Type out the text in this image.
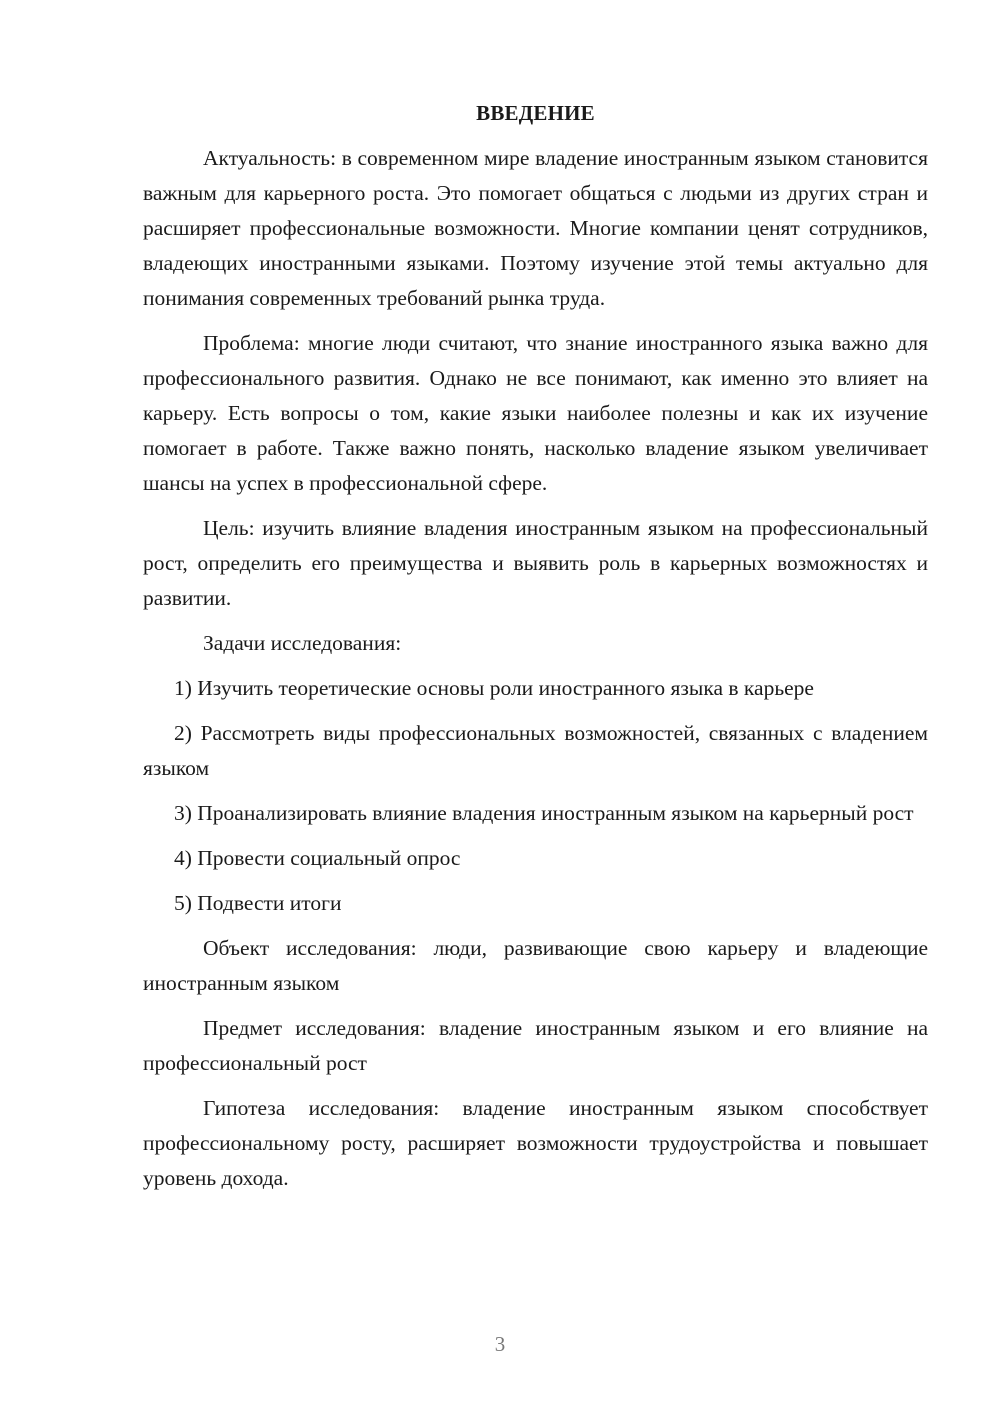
ВВЕДЕНИЕ

Актуальность: в современном мире владение иностранным языком становится важным для карьерного роста. Это помогает общаться с людьми из других стран и расширяет профессиональные возможности. Многие компании ценят сотрудников, владеющих иностранными языками. Поэтому изучение этой темы актуально для понимания современных требований рынка труда.

Проблема: многие люди считают, что знание иностранного языка важно для профессионального развития. Однако не все понимают, как именно это влияет на карьеру. Есть вопросы о том, какие языки наиболее полезны и как их изучение помогает в работе. Также важно понять, насколько владение языком увеличивает шансы на успех в профессиональной сфере.

Цель: изучить влияние владения иностранным языком на профессиональный рост, определить его преимущества и выявить роль в карьерных возможностях и развитии.

Задачи исследования:

1) Изучить теоретические основы роли иностранного языка в карьере

2) Рассмотреть виды профессиональных возможностей, связанных с владением языком

3) Проанализировать влияние владения иностранным языком на карьерный рост

4) Провести социальный опрос

5) Подвести итоги

Объект исследования: люди, развивающие свою карьеру и владеющие иностранным языком

Предмет исследования: владение иностранным языком и его влияние на профессиональный рост

Гипотеза исследования: владение иностранным языком способствует профессиональному росту, расширяет возможности трудоустройства и повышает уровень дохода.

3
